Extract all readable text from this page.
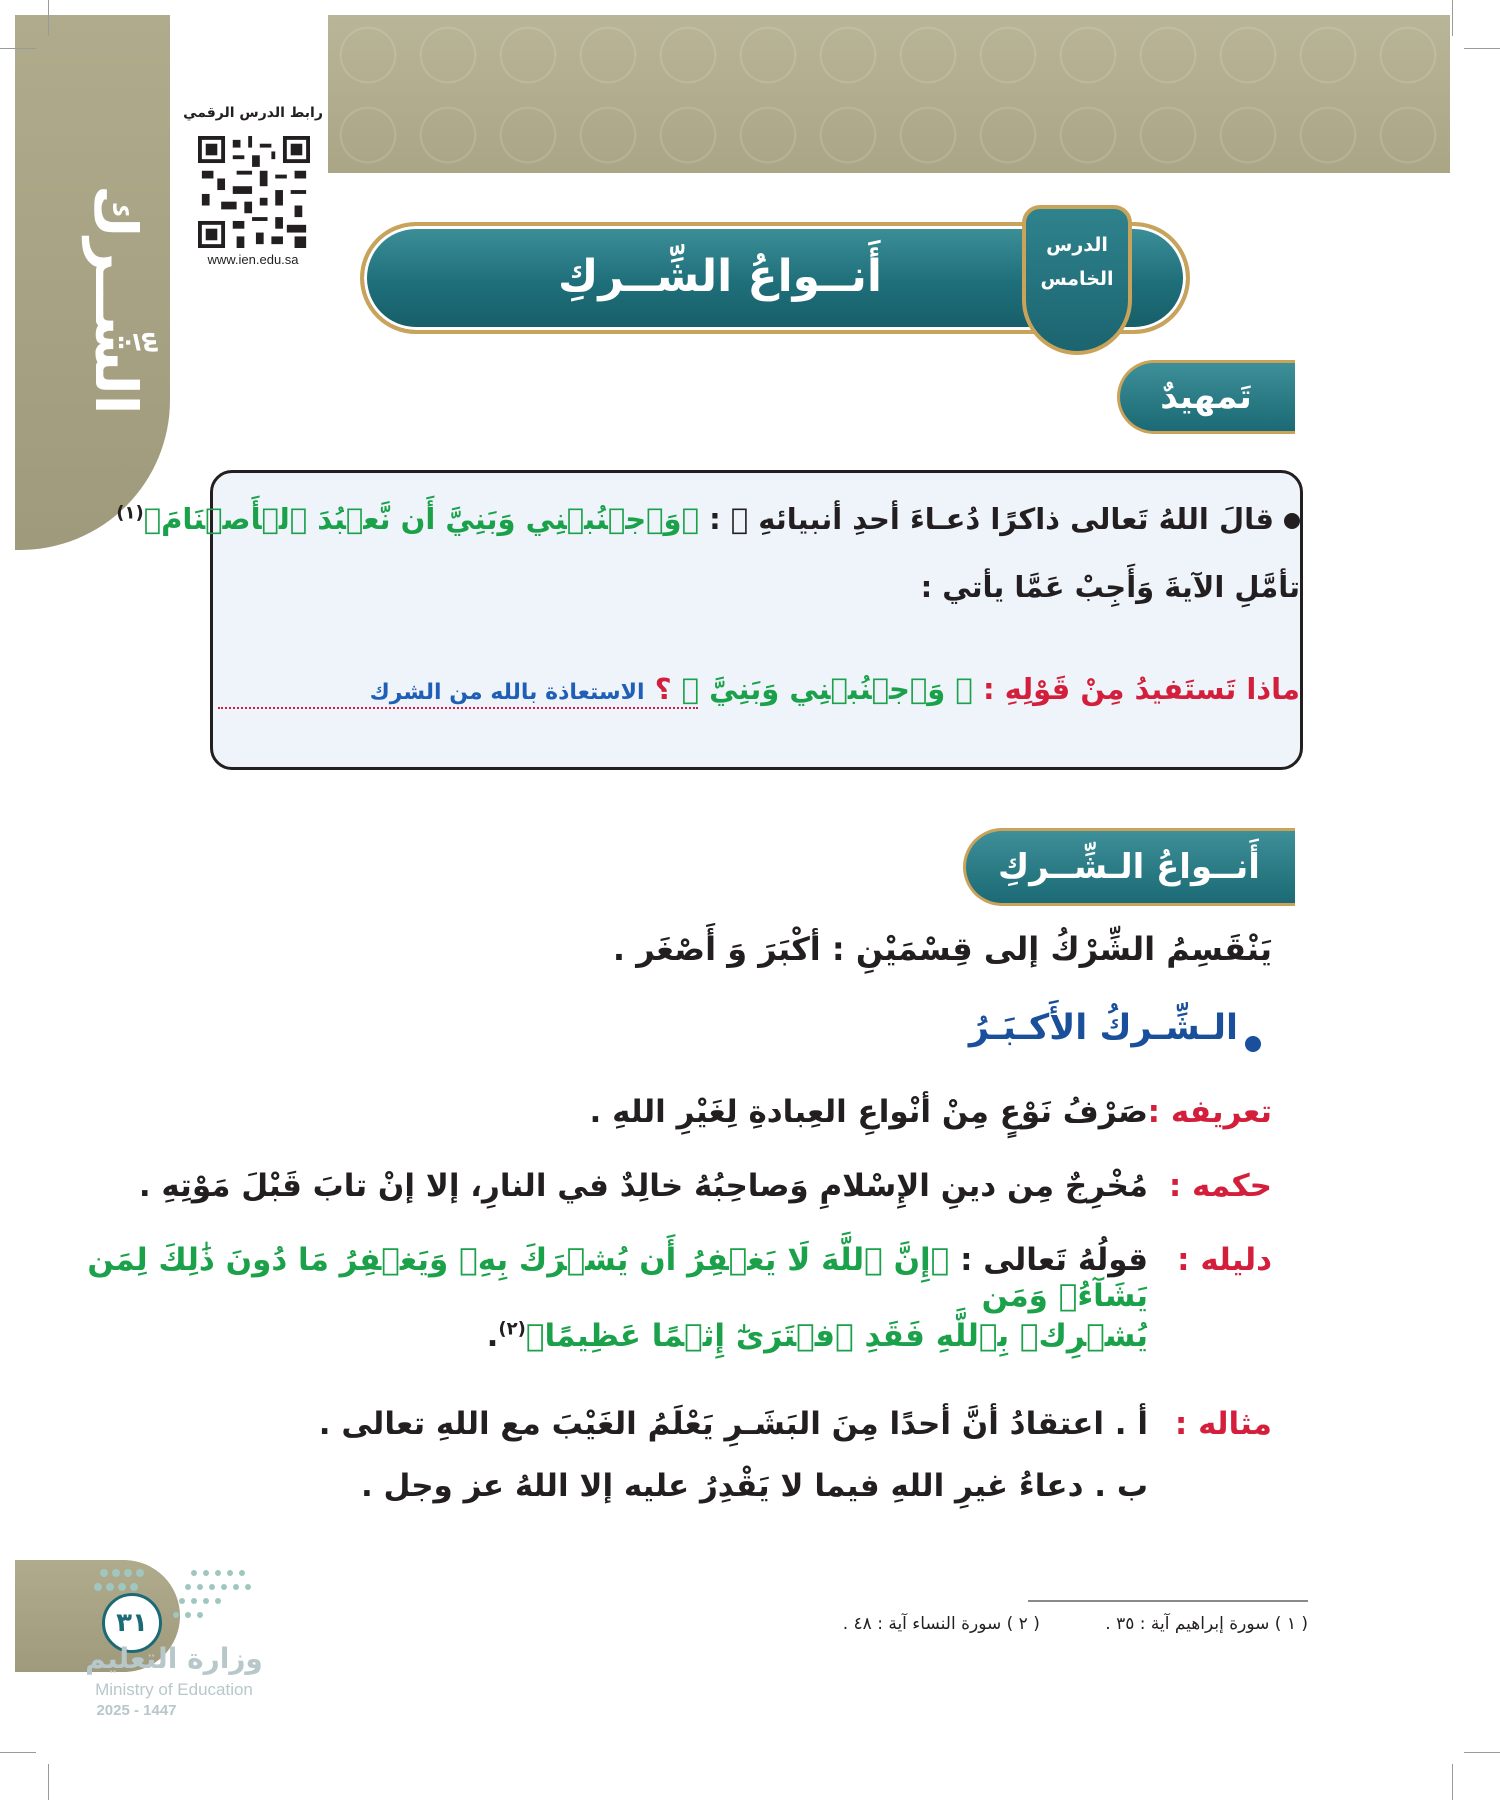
الشِّــرك
رابط الدرس الرقمي
www.ien.edu.sa	أَنــواعُ الشِّــركِ
الدرس
الخامس
تَمهيدٌ
قالَ اللهُ تَعالى ذاكرًا دُعـاءَ أحدِ أنبيائهِ ﷺ : ﴿وَٱجۡنُبۡنِي وَبَنِيَّ أَن نَّعۡبُدَ ٱلۡأَصۡنَامَ﴾$^{(١)}$
تأمَّلِ الآيةَ وَأَجِبْ عَمَّا يأتي :
ماذا تَستَفيدُ مِنْ قَوْلِهِ : ﴿ وَٱجۡنُبۡنِي وَبَنِيَّ ﴾ ؟ الاستعاذة بالله من الشرك
أَنــواعُ الـشِّــركِ
يَنْقَسِمُ الشِّرْكُ إلى قِسْمَيْنِ : أكْبَرَ وَ أَصْغَر .
الـشِّـركُ الأَكـبَـرُ
تعريفه :
صَرْفُ نَوْعٍ مِنْ أنْواعِ العِبادةِ لِغَيْرِ اللهِ .
حكمه :
مُخْرِجٌ مِن دينِ الإِسْلامِ وَصاحِبُهُ خالِدٌ في النارِ، إلا إنْ تابَ قَبْلَ مَوْتِهِ .
دليله :
قولُهُ تَعالى : ﴿إِنَّ ٱللَّهَ لَا يَغۡفِرُ أَن يُشۡرَكَ بِهِۦ وَيَغۡفِرُ مَا دُونَ ذَٰلِكَ لِمَن يَشَآءُۚ وَمَن
يُشۡرِكۡ بِٱللَّهِ فَقَدِ ٱفۡتَرَىٰٓ إِثۡمًا عَظِيمًا﴾$^{(٢)}$.
مثاله :
أ . اعتقادُ أنَّ أحدًا مِنَ البَشَـرِ يَعْلَمُ الغَيْبَ مع اللهِ تعالى .
ب . دعاءُ غيرِ اللهِ فيما لا يَقْدِرُ عليه إلا اللهُ عز وجل .
( ١ ) سورة إبراهيم آية : ٣٥ . ( ٢ ) سورة النساء آية : ٤٨ .
٣١
وزارة التعليم
Ministry of Education
2025 - 1447
